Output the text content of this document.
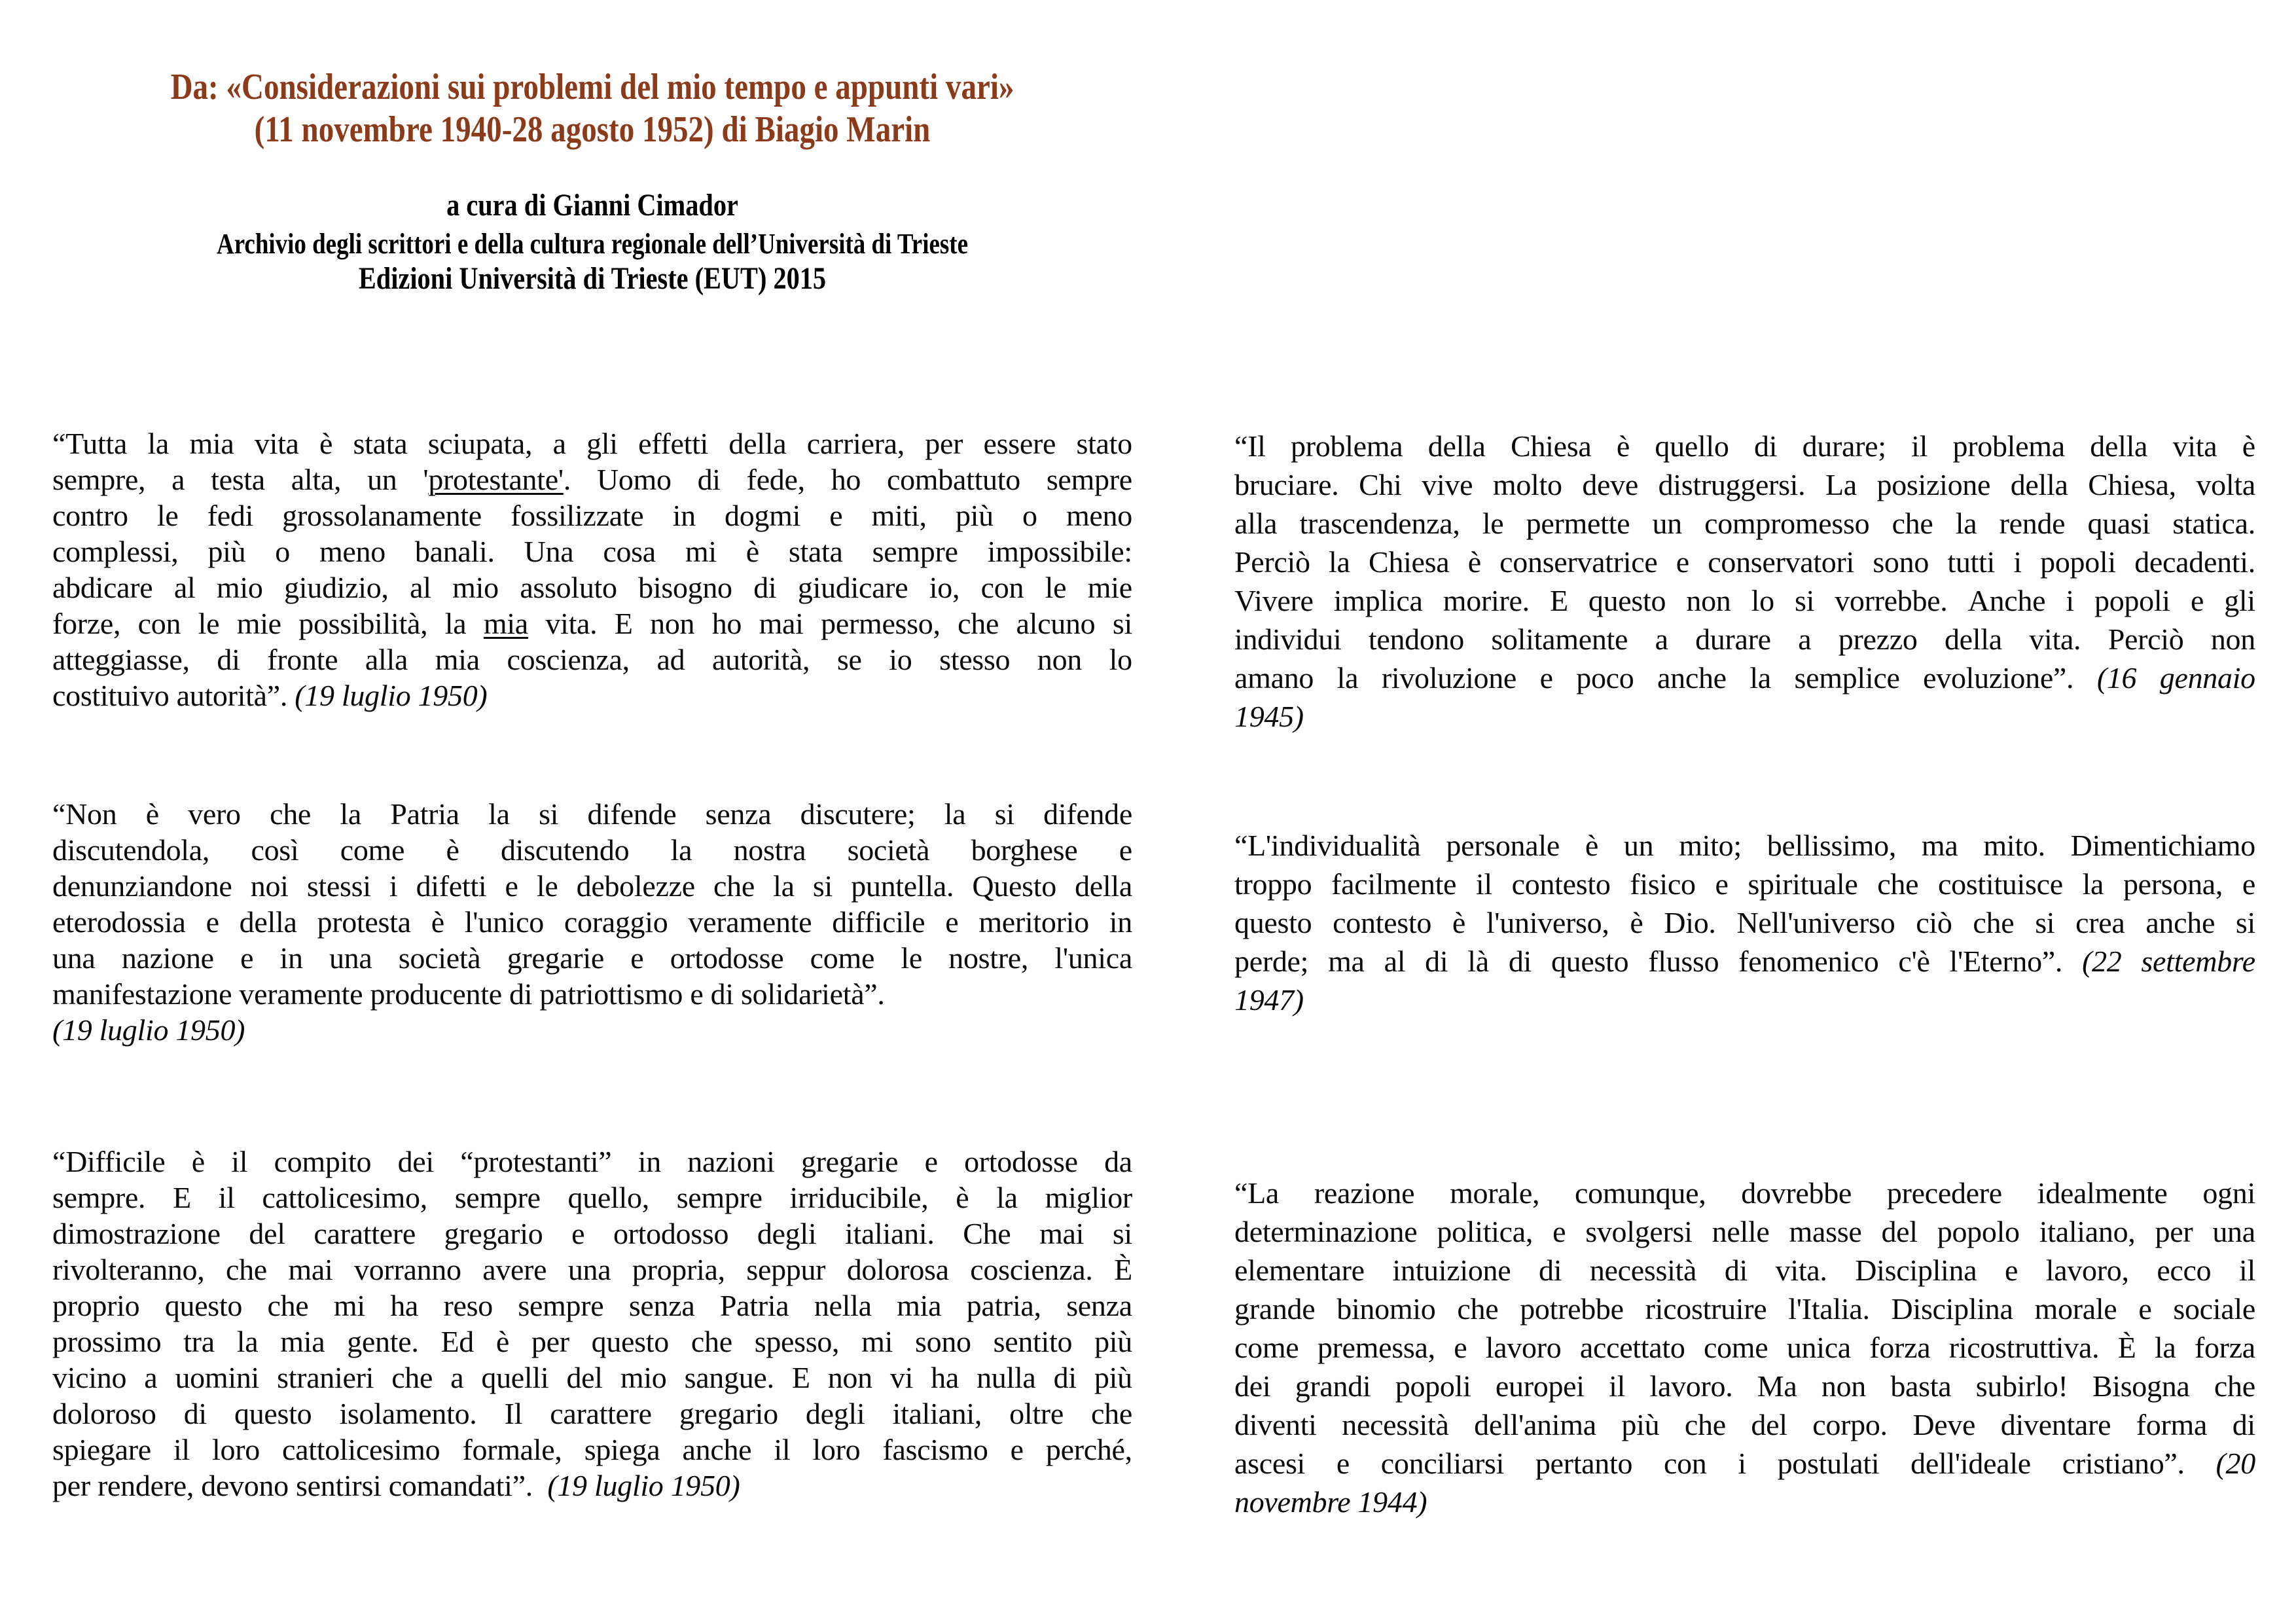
Da: «Considerazioni sui problemi del mio tempo e appunti vari»
(11 novembre 1940-28 agosto 1952) di Biagio Marin
a cura di Gianni Cimador
Archivio degli scrittori e della cultura regionale dell’Università di Trieste
Edizioni Università di Trieste (EUT) 2015
“Tutta la mia vita è stata sciupata, a gli effetti della carriera, per essere stato
sempre, a testa alta, un 'protestante'. Uomo di fede, ho combattuto sempre
contro le fedi grossolanamente fossilizzate in dogmi e miti, più o meno
complessi, più o meno banali. Una cosa mi è stata sempre impossibile:
abdicare al mio giudizio, al mio assoluto bisogno di giudicare io, con le mie
forze, con le mie possibilità, la mia vita. E non ho mai permesso, che alcuno si
atteggiasse, di fronte alla mia coscienza, ad autorità, se io stesso non lo
costituivo autorità”. (19 luglio 1950)
“Non è vero che la Patria la si difende senza discutere; la si difende
discutendola, così come è discutendo la nostra società borghese e
denunziandone noi stessi i difetti e le debolezze che la si puntella. Questo della
eterodossia e della protesta è l'unico coraggio veramente difficile e meritorio in
una nazione e in una società gregarie e ortodosse come le nostre, l'unica
manifestazione veramente producente di patriottismo e di solidarietà”.
(19 luglio 1950)
“Difficile è il compito dei “protestanti” in nazioni gregarie e ortodosse da
sempre. E il cattolicesimo, sempre quello, sempre irriducibile, è la miglior
dimostrazione del carattere gregario e ortodosso degli italiani. Che mai si
rivolteranno, che mai vorranno avere una propria, seppur dolorosa coscienza. È
proprio questo che mi ha reso sempre senza Patria nella mia patria, senza
prossimo tra la mia gente. Ed è per questo che spesso, mi sono sentito più
vicino a uomini stranieri che a quelli del mio sangue. E non vi ha nulla di più
doloroso di questo isolamento. Il carattere gregario degli italiani, oltre che
spiegare il loro cattolicesimo formale, spiega anche il loro fascismo e perché,
per rendere, devono sentirsi comandati”.  (19 luglio 1950)
“Il problema della Chiesa è quello di durare; il problema della vita è
bruciare. Chi vive molto deve distruggersi. La posizione della Chiesa, volta
alla trascendenza, le permette un compromesso che la rende quasi statica.
Perciò la Chiesa è conservatrice e conservatori sono tutti i popoli decadenti.
Vivere implica morire. E questo non lo si vorrebbe. Anche i popoli e gli
individui tendono solitamente a durare a prezzo della vita. Perciò non
amano la rivoluzione e poco anche la semplice evoluzione”. (16 gennaio
1945)
“L'individualità personale è un mito; bellissimo, ma mito. Dimentichiamo
troppo facilmente il contesto fisico e spirituale che costituisce la persona, e
questo contesto è l'universo, è Dio. Nell'universo ciò che si crea anche si
perde; ma al di là di questo flusso fenomenico c'è l'Eterno”. (22 settembre
1947)
“La reazione morale, comunque, dovrebbe precedere idealmente ogni
determinazione politica, e svolgersi nelle masse del popolo italiano, per una
elementare intuizione di necessità di vita. Disciplina e lavoro, ecco il
grande binomio che potrebbe ricostruire l'Italia. Disciplina morale e sociale
come premessa, e lavoro accettato come unica forza ricostruttiva. È la forza
dei grandi popoli europei il lavoro. Ma non basta subirlo! Bisogna che
diventi necessità dell'anima più che del corpo. Deve diventare forma di
ascesi e conciliarsi pertanto con i postulati dell'ideale cristiano”. (20
novembre 1944)
